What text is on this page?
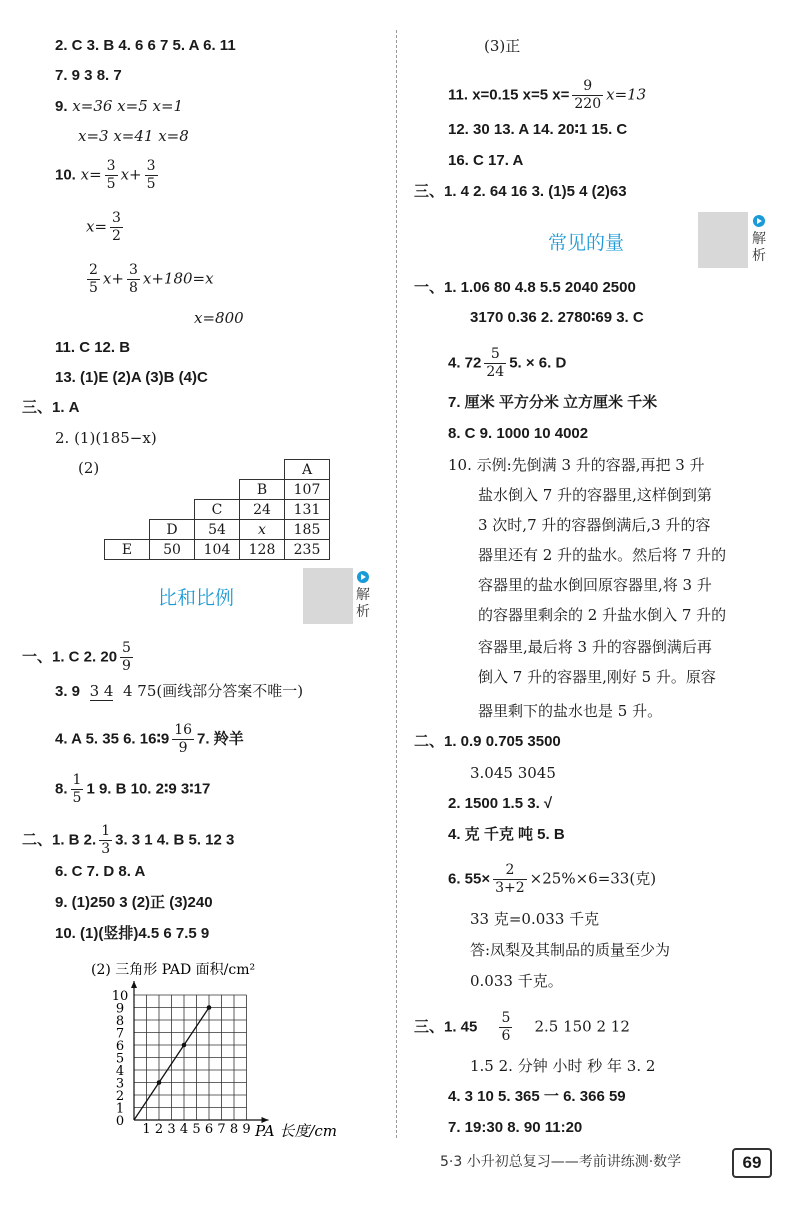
2. C 3. B 4. 6 6 7 5. A 6. 11
7. 9 3 8. 7
9. x=36 x=5 x=1
x=3 x=41 x=8
10. $x= \frac{3}{5} x+ \frac{3}{5}$
$x= \frac{3}{2}$
$\frac{2}{5} x+ \frac{3}{8} x+180=x$
x=800
11. C 12. B
13. (1)E (2)A (3)B (4)C
三、1. A
2. (1)(185−x)
(2)
					A
			B	107
		C	24	131
	D	54	x	185
E	50	104	128	235
比和比例	解析
一、1. C 2. $20 \frac{5}{9}$
3. 9 3 4 4 75(画线部分答案不唯一)
4. A 5. 35 6. 16∶9 $\frac{16}{9} 7$. 羚羊
8. $\frac{1}{5} 1$ 9. B 10. 2∶9 3∶17
二、1. B 2. $\frac{1}{3} 3$. 3 1 4. B 5. 12 3
6. C 7. D 8. A
9. (1)250 3 (2)正 (3)240
10. (1)(竖排)4.5 6 7.5 9
(2) 三角形 PAD 面积/cm²
10
9
8
7
6
5
4
3
2
1
0
1 2 3 4 5 6 7 8 9 PA 长度/cm
(3)正
11. x=0.15 x=5 $x= \frac{9}{220} x=13$
12. 30 13. A 14. 20∶1 15. C
16. C 17. A
三、1. 4 2. 64 16 3. (1)5 4 (2)63
常见的量	解析
一、1. 1.06 80 4.8 5.5 2040 2500
3170 0.36 2. 2780∶69 3. C
4. $72 \frac{5}{24} 5$. × 6. D
7. 厘米 平方分米 立方厘米 千米
8. C 9. 1000 10 4002
10. 示例:先倒满 3 升的容器,再把 3 升
盐水倒入 7 升的容器里,这样倒到第
3 次时,7 升的容器倒满后,3 升的容
器里还有 2 升的盐水。然后将 7 升的
容器里的盐水倒回原容器里,将 3 升
的容器里剩余的 2 升盐水倒入 7 升的
容器里,最后将 3 升的容器倒满后再
倒入 7 升的容器里,刚好 5 升。原容
器里剩下的盐水也是 5 升。
二、1. 0.9 0.705 3500
3.045 3045
2. 1500 1.5 3. √
4. 克 千克 吨 5. B
6. $55\times \frac{2}{3+2} \times 25\%\times 6=33$(克)
33 克=0.033 千克
答:凤梨及其制品的质量至少为
0.033 千克。
三、1. $45 \frac{5}{6} 2.5$ 150 2 12
1.5 2. 分钟 小时 秒 年 3. 2
4. 3 10 5. 365 一 6. 366 59
7. 19:30 8. 90 11:20
5·3 小升初总复习——考前讲练测·数学	69
